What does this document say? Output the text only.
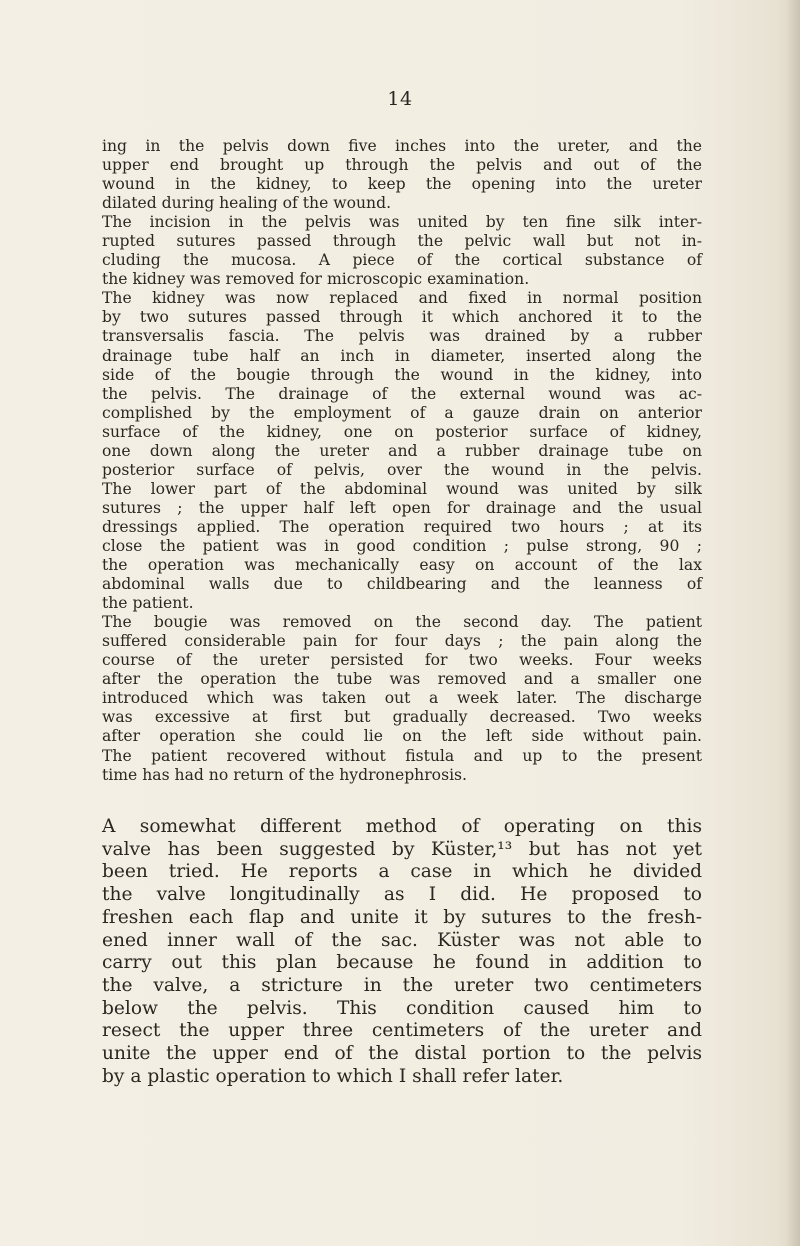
14
ing in the pelvis down five inches into the ureter, and the
upper end brought up through the pelvis and out of the
wound in the kidney, to keep the opening into the ureter
dilated during healing of the wound.
The incision in the pelvis was united by ten fine silk inter-
rupted sutures passed through the pelvic wall but not in-
cluding the mucosa. A piece of the cortical substance of
the kidney was removed for microscopic examination.
The kidney was now replaced and fixed in normal position
by two sutures passed through it which anchored it to the
transversalis fascia. The pelvis was drained by a rubber
drainage tube half an inch in diameter, inserted along the
side of the bougie through the wound in the kidney, into
the pelvis. The drainage of the external wound was ac-
complished by the employment of a gauze drain on anterior
surface of the kidney, one on posterior surface of kidney,
one down along the ureter and a rubber drainage tube on
posterior surface of pelvis, over the wound in the pelvis.
The lower part of the abdominal wound was united by silk
sutures ; the upper half left open for drainage and the usual
dressings applied. The operation required two hours ; at its
close the patient was in good condition ; pulse strong, 90 ;
the operation was mechanically easy on account of the lax
abdominal walls due to childbearing and the leanness of
the patient.
The bougie was removed on the second day. The patient
suffered considerable pain for four days ; the pain along the
course of the ureter persisted for two weeks. Four weeks
after the operation the tube was removed and a smaller one
introduced which was taken out a week later. The discharge
was excessive at first but gradually decreased. Two weeks
after operation she could lie on the left side without pain.
The patient recovered without fistula and up to the present
time has had no return of the hydronephrosis.
A somewhat different method of operating on this
valve has been suggested by Küster,¹³ but has not yet
been tried. He reports a case in which he divided
the valve longitudinally as I did. He proposed to
freshen each flap and unite it by sutures to the fresh-
ened inner wall of the sac. Küster was not able to
carry out this plan because he found in addition to
the valve, a stricture in the ureter two centimeters
below the pelvis. This condition caused him to
resect the upper three centimeters of the ureter and
unite the upper end of the distal portion to the pelvis
by a plastic operation to which I shall refer later.
